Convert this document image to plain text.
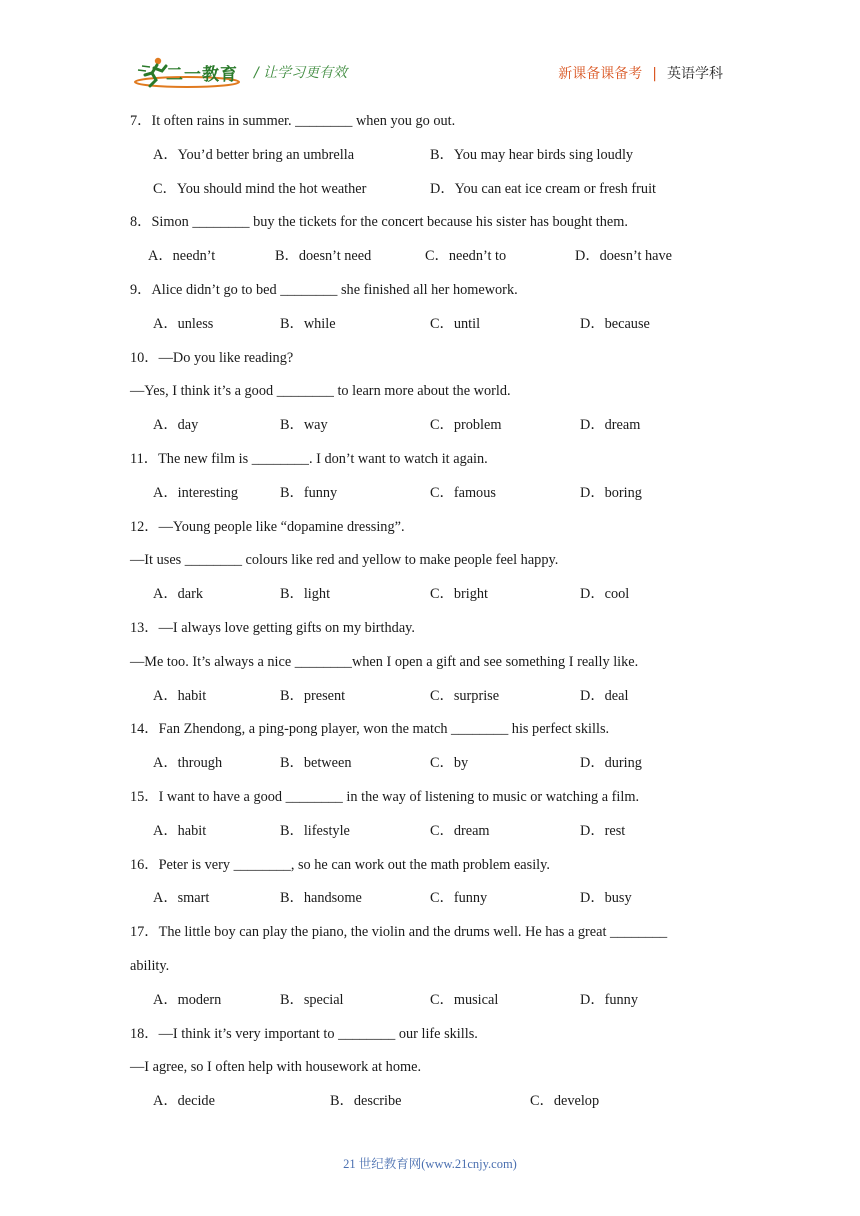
二一教育 / 让学习更有效	新课备课备考 | 英语学科
7．It often rains in summer. ________ when you go out.
A．You’d better bring an umbrella	B．You may hear birds sing loudly
C．You should mind the hot weather	D．You can eat ice cream or fresh fruit
8．Simon ________ buy the tickets for the concert because his sister has bought them.
A．needn’t	B．doesn’t need	C．needn’t to	D．doesn’t have
9．Alice didn’t go to bed ________ she finished all her homework.
A．unless	B．while	C．until	D．because
10．—Do you like reading?
—Yes, I think it’s a good ________ to learn more about the world.
A．day	B．way	C．problem	D．dream
11．The new film is ________. I don’t want to watch it again.
A．interesting	B．funny	C．famous	D．boring
12．—Young people like “dopamine dressing”.
—It uses ________ colours like red and yellow to make people feel happy.
A．dark	B．light	C．bright	D．cool
13．—I always love getting gifts on my birthday.
—Me too. It’s always a nice ________when I open a gift and see something I really like.
A．habit	B．present	C．surprise	D．deal
14．Fan Zhendong, a ping-pong player, won the match ________ his perfect skills.
A．through	B．between	C．by	D．during
15．I want to have a good ________ in the way of listening to music or watching a film.
A．habit	B．lifestyle	C．dream	D．rest
16．Peter is very ________, so he can work out the math problem easily.
A．smart	B．handsome	C．funny	D．busy
17．The little boy can play the piano, the violin and the drums well. He has a great ________
ability.
A．modern	B．special	C．musical	D．funny
18．—I think it’s very important to ________ our life skills.
—I agree, so I often help with housework at home.
A．decide	B．describe	C．develop
21 世纪教育网(www.21cnjy.com)
